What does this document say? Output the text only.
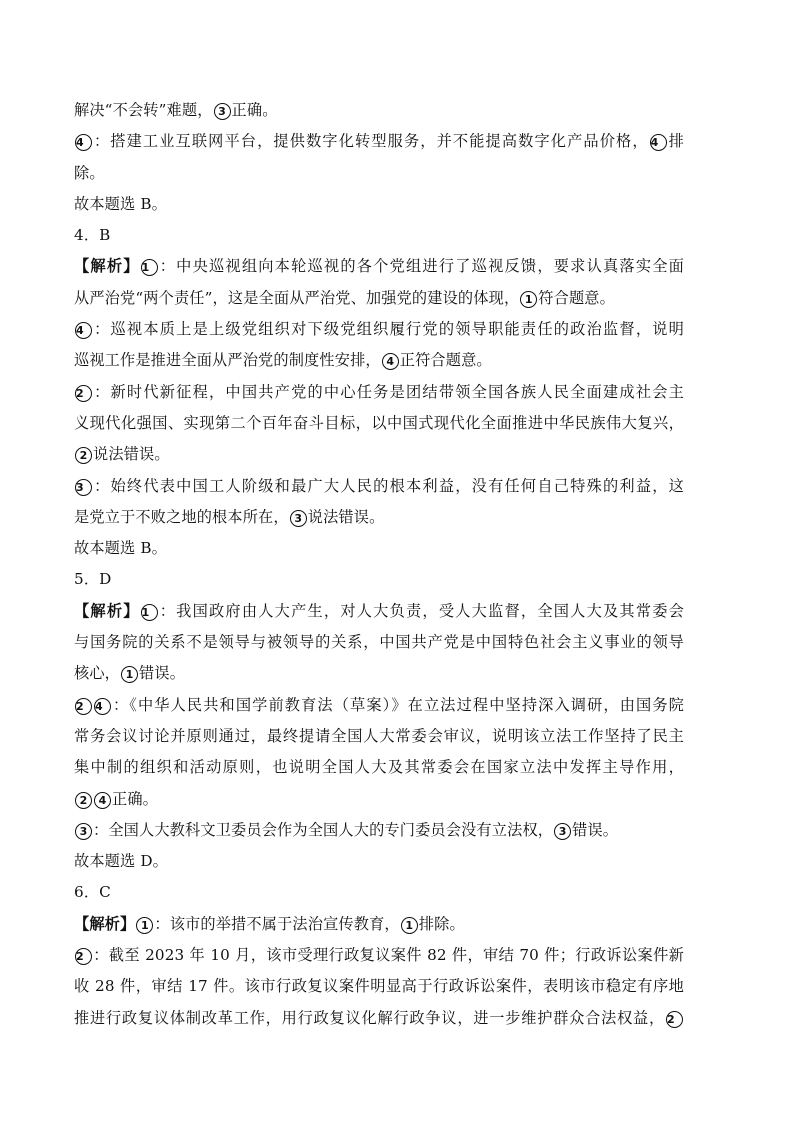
解决“不会转”难题， 3 正确。
4 ：搭建工业互联网平台，提供数字化转型服务，并不能提高数字化产品价格， 4 排
除。
故本题选 B。
4．B
【解析】 1 ：中央巡视组向本轮巡视的各个党组进行了巡视反馈，要求认真落实全面
从严治党“两个责任”，这是全面从严治党、加强党的建设的体现， 1 符合题意。
4 ：巡视本质上是上级党组织对下级党组织履行党的领导职能责任的政治监督，说明
巡视工作是推进全面从严治党的制度性安排， 4 正符合题意。
2 ：新时代新征程，中国共产党的中心任务是团结带领全国各族人民全面建成社会主
义现代化强国、实现第二个百年奋斗目标，以中国式现代化全面推进中华民族伟大复兴，
2 说法错误。
3 ：始终代表中国工人阶级和最广大人民的根本利益，没有任何自己特殊的利益，这
是党立于不败之地的根本所在， 3 说法错误。
故本题选 B。
5．D
【解析】 1 ：我国政府由人大产生，对人大负责，受人大监督，全国人大及其常委会
与国务院的关系不是领导与被领导的关系，中国共产党是中国特色社会主义事业的领导
核心， 1 错误。
2 4 ：《中华人民共和国学前教育法（草案）》在立法过程中坚持深入调研，由国务院
常务会议讨论并原则通过，最终提请全国人大常委会审议，说明该立法工作坚持了民主
集中制的组织和活动原则，也说明全国人大及其常委会在国家立法中发挥主导作用，
2 4 正确。
3 ：全国人大教科文卫委员会作为全国人大的专门委员会没有立法权， 3 错误。
故本题选 D。
6．C
【解析】 1 ：该市的举措不属于法治宣传教育， 1 排除。
2 ：截至 2023 年 10 月，该市受理行政复议案件 82 件，审结 70 件；行政诉讼案件新
收 28 件，审结 17 件。该市行政复议案件明显高于行政诉讼案件，表明该市稳定有序地
推进行政复议体制改革工作，用行政复议化解行政争议，进一步维护群众合法权益， 2
